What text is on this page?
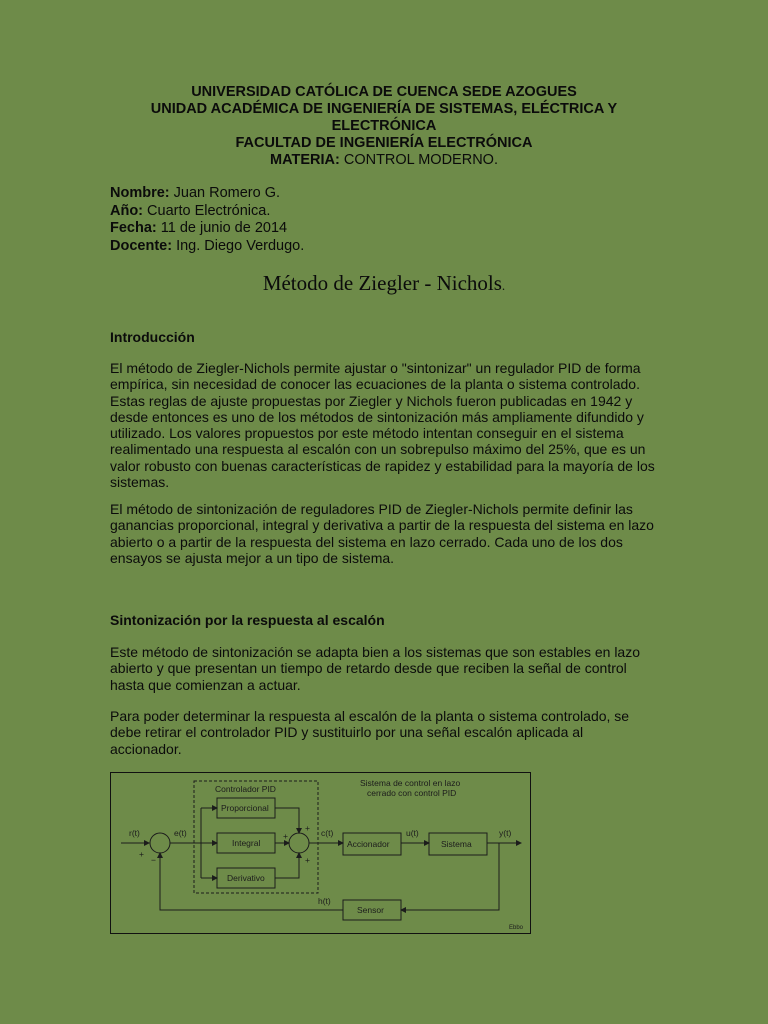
UNIVERSIDAD CATÓLICA DE CUENCA SEDE AZOGUES
UNIDAD ACADÉMICA DE INGENIERÍA DE SISTEMAS, ELÉCTRICA Y
ELECTRÓNICA
FACULTAD DE INGENIERÍA ELECTRÓNICA
MATERIA: CONTROL MODERNO.
Nombre: Juan Romero G.
Año: Cuarto Electrónica.
Fecha: 11 de junio de 2014
Docente: Ing. Diego Verdugo.
Método de Ziegler - Nichols.
Introducción
El método de Ziegler-Nichols permite ajustar o "sintonizar" un regulador PID de forma empírica, sin necesidad de conocer las ecuaciones de la planta o sistema controlado. Estas reglas de ajuste propuestas por Ziegler y Nichols fueron publicadas en 1942 y desde entonces es uno de los métodos de sintonización más ampliamente difundido y utilizado. Los valores propuestos por este método intentan conseguir en el sistema realimentado una respuesta al escalón con un sobrepulso máximo del 25%, que es un valor robusto con buenas características de rapidez y estabilidad para la mayoría de los sistemas.
El método de sintonización de reguladores PID de Ziegler-Nichols permite definir las ganancias proporcional, integral y derivativa a partir de la respuesta del sistema en lazo abierto o a partir de la respuesta del sistema en lazo cerrado. Cada uno de los dos ensayos se ajusta mejor a un tipo de sistema.
Sintonización por la respuesta al escalón
Este método de sintonización se adapta bien a los sistemas que son estables en lazo abierto y que presentan un tiempo de retardo desde que reciben la señal de control hasta que comienzan a actuar.
Para poder determinar la respuesta al escalón de la planta o sistema controlado, se debe retirar el controlador PID y sustituirlo por una señal escalón aplicada al accionador.
Controlador PID
Sistema de control en lazo
cerrado con control PID
r(t)
+
−
e(t)
Proporcional
Integral
Derivativo
+
+
+
c(t)
Accionador
u(t)
Sistema
y(t)
Sensor
h(t)
Ebbo
